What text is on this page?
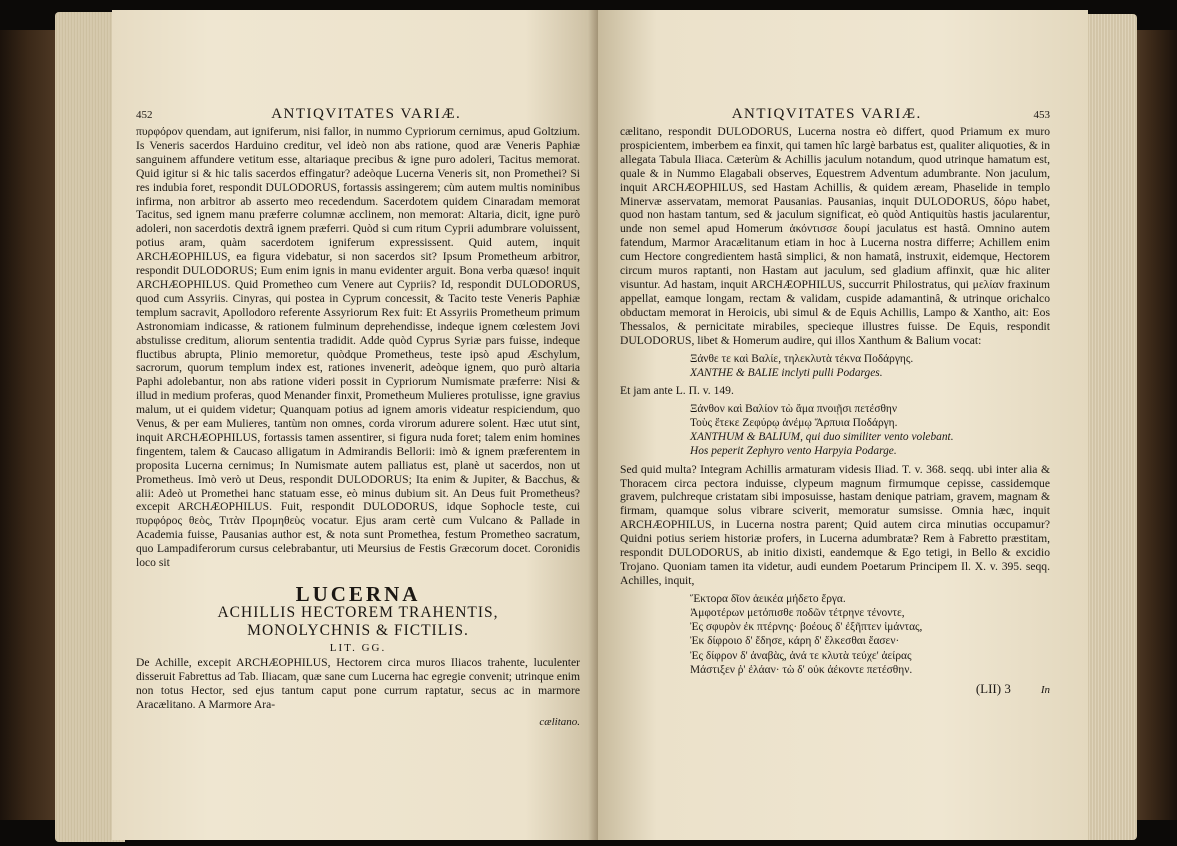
452	ANTIQVITATES VARIÆ.

πυρφόρον quendam, aut igniferum, nisi fallor, in nummo Cypriorum cernimus, apud Goltzium. Is Veneris sacerdos Harduino creditur, vel ideò non abs ratione, quod aræ Veneris Paphiæ sanguinem affundere vetitum esse, altariaque precibus & igne puro adoleri, Tacitus memorat. Quid igitur si & hic talis sacerdos effingatur? adeòque Lucerna Veneris sit, non Promethei? Si res indubia foret, respondit DULODORUS, fortassis assingerem; cùm autem multis nominibus infirma, non arbitror ab asserto meo recedendum. Sacerdotem quidem Cinaradam memorat Tacitus, sed ignem manu præferre columnæ acclinem, non memorat: Altaria, dicit, igne purò adoleri, non sacerdotis dextrâ ignem præferri. Quòd si cum ritum Cyprii adumbrare voluissent, potius aram, quàm sacerdotem igniferum expressissent. Quid autem, inquit ARCHÆOPHILUS, ea figura videbatur, si non sacerdos sit? Ipsum Prometheum arbitror, respondit DULODORUS; Eum enim ignis in manu evidenter arguit. Bona verba quæso! inquit ARCHÆOPHILUS. Quid Prometheo cum Venere aut Cypriis? Id, respondit DULODORUS, quod cum Assyriis. Cinyras, qui postea in Cyprum concessit, & Tacito teste Veneris Paphiæ templum sacravit, Apollodoro referente Assyriorum Rex fuit: Et Assyriis Prometheum primum Astronomiam indicasse, & rationem fulminum deprehendisse, indeque ignem cœlestem Jovi abstulisse creditum, aliorum sententia tradidit. Adde quòd Cyprus Syriæ pars fuisse, indeque fluctibus abrupta, Plinio memoretur, quòdque Prometheus, teste ipsò apud Æschylum, sacrorum, quorum templum index est, rationes invenerit, adeòque ignem, quo purò altaria Paphi adolebantur, non abs ratione videri possit in Cypriorum Numismate præferre: Nisi & illud in medium proferas, quod Menander finxit, Prometheum Mulieres protulisse, igne gravius malum, ut ei quidem videtur; Quanquam potius ad ignem amoris videatur respiciendum, quo Venus, & per eam Mulieres, tantùm non omnes, corda virorum adurere solent. Hæc utut sint, inquit ARCHÆOPHILUS, fortassis tamen assentirer, si figura nuda foret; talem enim homines fingentem, talem & Caucaso alligatum in Admirandis Bellorii: imò & ignem præferentem in proposita Lucerna cernimus; In Numismate autem palliatus est, planè ut sacerdos, non ut Prometheus. Imò verò ut Deus, respondit DULODORUS; Ita enim & Jupiter, & Bacchus, & alii: Adeò ut Promethei hanc statuam esse, eò minus dubium sit. An Deus fuit Prometheus? excepit ARCHÆOPHILUS. Fuit, respondit DULODORUS, idque Sophocle teste, cui πυρφόρος θεὸς, Τιτὰν Προμηθεὺς vocatur. Ejus aram certè cum Vulcano & Pallade in Academia fuisse, Pausanias author est, & nota sunt Promethea, festum Prometheo sacratum, quo Lampadiferorum cursus celebrabantur, uti Meursius de Festis Græcorum docet. Coronidis loco sit

LUCERNA
ACHILLIS HECTOREM TRAHENTIS,
MONOLYCHNIS & FICTILIS.
LIT. GG.

De Achille, excepit ARCHÆOPHILUS, Hectorem circa muros Iliacos trahente, luculenter disseruit Fabrettus ad Tab. Iliacam, quæ sane cum Lucerna hac egregie convenit; utrinque enim non totus Hector, sed ejus tantum caput pone currum raptatur, secus ac in marmore Aracælitano. A Marmore Ara-

cælitano.
ANTIQVITATES VARIÆ.	453

cælitano, respondit DULODORUS, Lucerna nostra eò differt, quod Priamum ex muro prospicientem, imberbem ea finxit, qui tamen hîc largè barbatus est, qualiter aliquoties, & in allegata Tabula Iliaca. Cæterùm & Achillis jaculum notandum, quod utrinque hamatum est, quale & in Nummo Elagabali observes, Equestrem Adventum adumbrante. Non jaculum, inquit ARCHÆOPHILUS, sed Hastam Achillis, & quidem æream, Phaselide in templo Minervæ asservatam, memorat Pausanias. Pausanias, inquit DULODORUS, δόρυ habet, quod non hastam tantum, sed & jaculum significat, eò quòd Antiquitùs hastis jacularentur, unde non semel apud Homerum ἀκόντισσε δουρί jaculatus est hastâ. Omnino autem fatendum, Marmor Aracælitanum etiam in hoc à Lucerna nostra differre; Achillem enim cum Hectore congredientem hastâ simplici, & non hamatâ, instruxit, eidemque, Hectorem circum muros raptanti, non Hastam aut jaculum, sed gladium affinxit, quæ hic aliter visuntur. Ad hastam, inquit ARCHÆOPHILUS, succurrit Philostratus, qui μελίαν fraxinum appellat, eamque longam, rectam & validam, cuspide adamantinâ, & utrinque orichalco obductam memorat in Heroicis, ubi simul & de Equis Achillis, Lampo & Xantho, ait: Eos Thessalos, & pernicitate mirabiles, specieque illustres fuisse. De Equis, respondit DULODORUS, libet & Homerum audire, qui illos Xanthum & Balium vocat:

Ξάνθε τε καὶ Βαλίε, τηλεκλυτὰ τέκνα Ποδάργης.
XANTHE & BALIE inclyti pulli Podarges.

Et jam ante L. Π. v. 149.

Ξάνθον καὶ Βαλίον τὼ ἅμα πνοιῇσι πετέσθην
Τοὺς ἔτεκε Ζεφύρῳ ἀνέμῳ Ἅρπυια Ποδάργη.
XANTHUM & BALIUM, qui duo similiter vento volebant.
Hos peperit Zephyro vento Harpyia Podarge.

Sed quid multa? Integram Achillis armaturam videsis Iliad. T. v. 368. seqq. ubi inter alia & Thoracem circa pectora induisse, clypeum magnum firmumque cepisse, cassidemque gravem, pulchreque cristatam sibi imposuisse, hastam denique patriam, gravem, magnam & firmam, quamque solus vibrare sciverit, memoratur sumsisse. Omnia hæc, inquit ARCHÆOPHILUS, in Lucerna nostra parent; Quid autem circa minutias occupamur? Quidni potius seriem historiæ profers, in Lucerna adumbratæ? Rem à Fabretto præstitam, respondit DULODORUS, ab initio dixisti, eandemque & Ego tetigi, in Bello & excidio Trojano. Quoniam tamen ita videtur, audi eundem Poetarum Principem Il. X. v. 395. seqq. Achilles, inquit,

Ἕκτορα δῖον ἀεικέα μήδετο ἔργα.
Ἀμφοτέρων μετόπισθε ποδῶν τέτρηνε τένοντε,
Ἐς σφυρὸν ἐκ πτέρνης· βοέους δ' ἐξῆπτεν ἱμάντας,
Ἐκ δίφροιο δ' ἔδησε, κάρη δ' ἕλκεσθαι ἔασεν·
Ἐς δίφρον δ' ἀναβὰς, ἀνά τε κλυτὰ τεύχε' ἀείρας
Μάστιξεν ῥ' ἐλάαν· τὼ δ' οὐκ ἀέκοντε πετέσθην.
(LII) 3	In
